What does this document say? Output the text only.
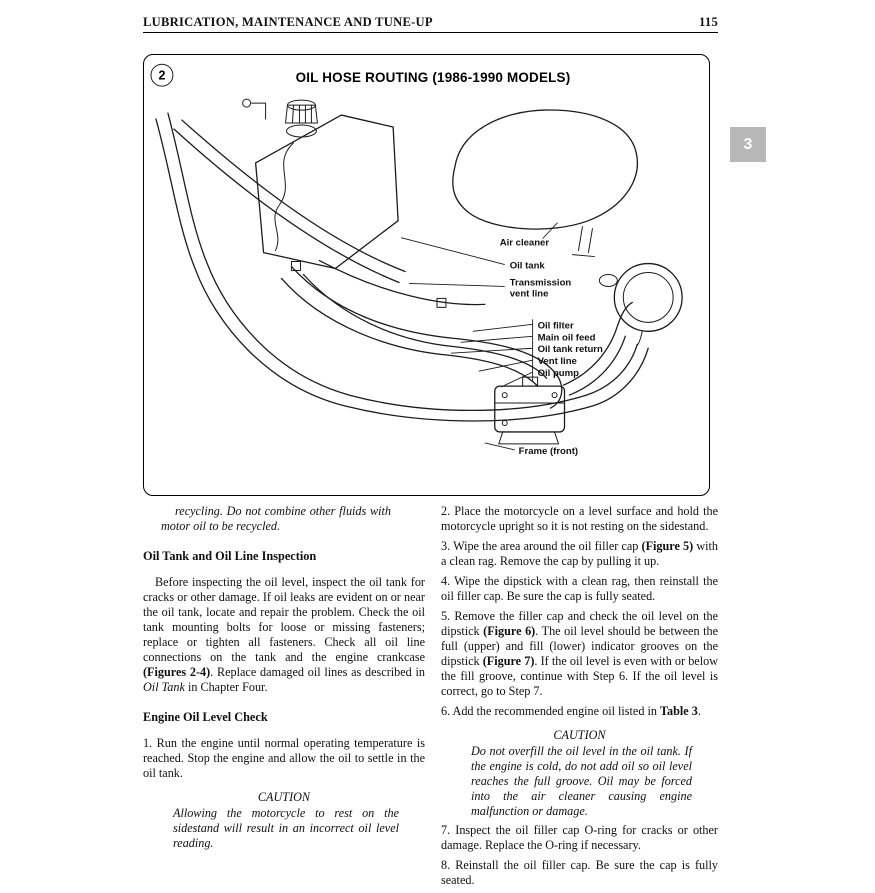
LUBRICATION, MAINTENANCE AND TUNE-UP	115
3
2	OIL HOSE ROUTING (1986-1990 MODELS)
Air cleaner
Oil tank
Transmission
vent line
Oil filter
Main oil feed
Oil tank return
Vent line
Oil pump
Frame (front)

recycling. Do not combine other fluids with motor oil to be recycled.

Oil Tank and Oil Line Inspection

Before inspecting the oil level, inspect the oil tank for cracks or other damage. If oil leaks are evident on or near the oil tank, locate and repair the problem. Check the oil tank mounting bolts for loose or missing fasteners; replace or tighten all fasteners. Check all oil line connections on the tank and the engine crankcase (Figures 2-4). Replace damaged oil lines as described in Oil Tank in Chapter Four.

Engine Oil Level Check

1. Run the engine until normal operating temperature is reached. Stop the engine and allow the oil to settle in the oil tank.

CAUTION

Allowing the motorcycle to rest on the sidestand will result in an incorrect oil level reading.

2. Place the motorcycle on a level surface and hold the motorcycle upright so it is not resting on the sidestand.

3. Wipe the area around the oil filler cap (Figure 5) with a clean rag. Remove the cap by pulling it up.

4. Wipe the dipstick with a clean rag, then reinstall the oil filler cap. Be sure the cap is fully seated.

5. Remove the filler cap and check the oil level on the dipstick (Figure 6). The oil level should be between the full (upper) and fill (lower) indicator grooves on the dipstick (Figure 7). If the oil level is even with or below the fill groove, continue with Step 6. If the oil level is correct, go to Step 7.

6. Add the recommended engine oil listed in Table 3.

CAUTION

Do not overfill the oil level in the oil tank. If the engine is cold, do not add oil so oil level reaches the full groove. Oil may be forced into the air cleaner causing engine malfunction or damage.

7. Inspect the oil filler cap O-ring for cracks or other damage. Replace the O-ring if necessary.

8. Reinstall the oil filler cap. Be sure the cap is fully seated.
